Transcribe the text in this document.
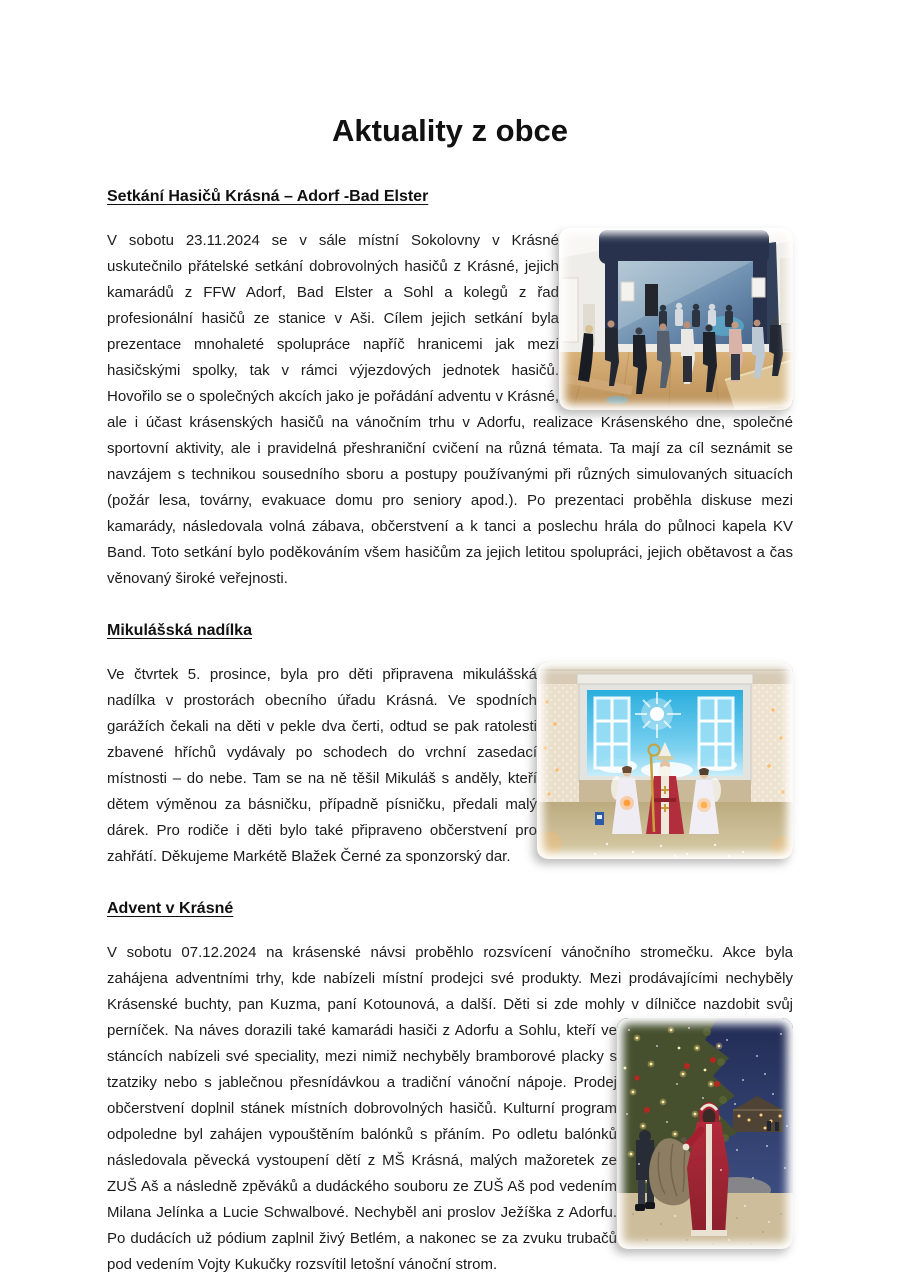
Aktuality z obce
Setkání Hasičů Krásná – Adorf -Bad Elster

V sobotu 23.11.2024 se v sále místní Sokolovny v Krásné uskutečnilo přátelské setkání dobrovolných hasičů z Krásné, jejich kamarádů z FFW Adorf, Bad Elster a Sohl a kolegů z řad profesionální hasičů ze stanice v Aši. Cílem jejich setkání byla prezentace mnohaleté spolupráce napříč hranicemi jak mezi hasičskými spolky, tak v rámci výjezdových jednotek hasičů. Hovořilo se o společných akcích jako je pořádání adventu v Krásné, ale i účast krásenských hasičů na vánočním trhu v Adorfu, realizace Krásenského dne, společné sportovní aktivity, ale i pravidelná přeshraniční cvičení na různá témata. Ta mají za cíl seznámit se navzájem s technikou sousedního sboru a postupy používanými při různých simulovaných situacích (požár lesa, továrny, evakuace domu pro seniory apod.). Po prezentaci proběhla diskuse mezi kamarády, následovala volná zábava, občerstvení a k tanci a poslechu hrála do půlnoci kapela KV Band. Toto setkání bylo poděkováním všem hasičům za jejich letitou spolupráci, jejich obětavost a čas věnovaný široké veřejnosti.

Mikulášská nadílka

Ve čtvrtek 5. prosince, byla pro děti připravena mikulášská nadílka v prostorách obecního úřadu Krásná. Ve spodních garážích čekali na děti v pekle dva čerti, odtud se pak ratolesti zbavené hříchů vydávaly po schodech do vrchní zasedací místnosti – do nebe. Tam se na ně těšil Mikuláš s anděly, kteří dětem výměnou za básničku, případně písničku, předali malý dárek. Pro rodiče i děti bylo také připraveno občerstvení pro zahřátí. Děkujeme Markétě Blažek Černé za sponzorský dar.

Advent v Krásné

V sobotu 07.12.2024 na krásenské návsi proběhlo rozsvícení vánočního stromečku. Akce byla zahájena adventními trhy, kde nabízeli místní prodejci své produkty. Mezi prodávajícími nechyběly Krásenské buchty, pan Kuzma, paní Kotounová, a další. Děti si zde mohly v dílničce nazdobit svůj

perníček. Na náves dorazili také kamarádi hasiči z Adorfu a Sohlu, kteří ve stáncích nabízeli své speciality, mezi nimiž nechyběly bramborové placky s tzatziky nebo s jablečnou přesnídávkou a tradiční vánoční nápoje. Prodej občerstvení doplnil stánek místních dobrovolných hasičů. Kulturní program odpoledne byl zahájen vypouštěním balónků s přáním. Po odletu balónků následovala pěvecká vystoupení dětí z MŠ Krásná, malých mažoretek ze ZUŠ Aš a následně zpěváků a dudáckého souboru ze ZUŠ Aš pod vedením Milana Jelínka a Lucie Schwalbové. Nechyběl ani proslov Ježíška z Adorfu. Po dudácích už pódium zaplnil živý Betlém, a nakonec se za zvuku trubačů pod vedením Vojty Kukučky rozsvítil letošní vánoční strom.
